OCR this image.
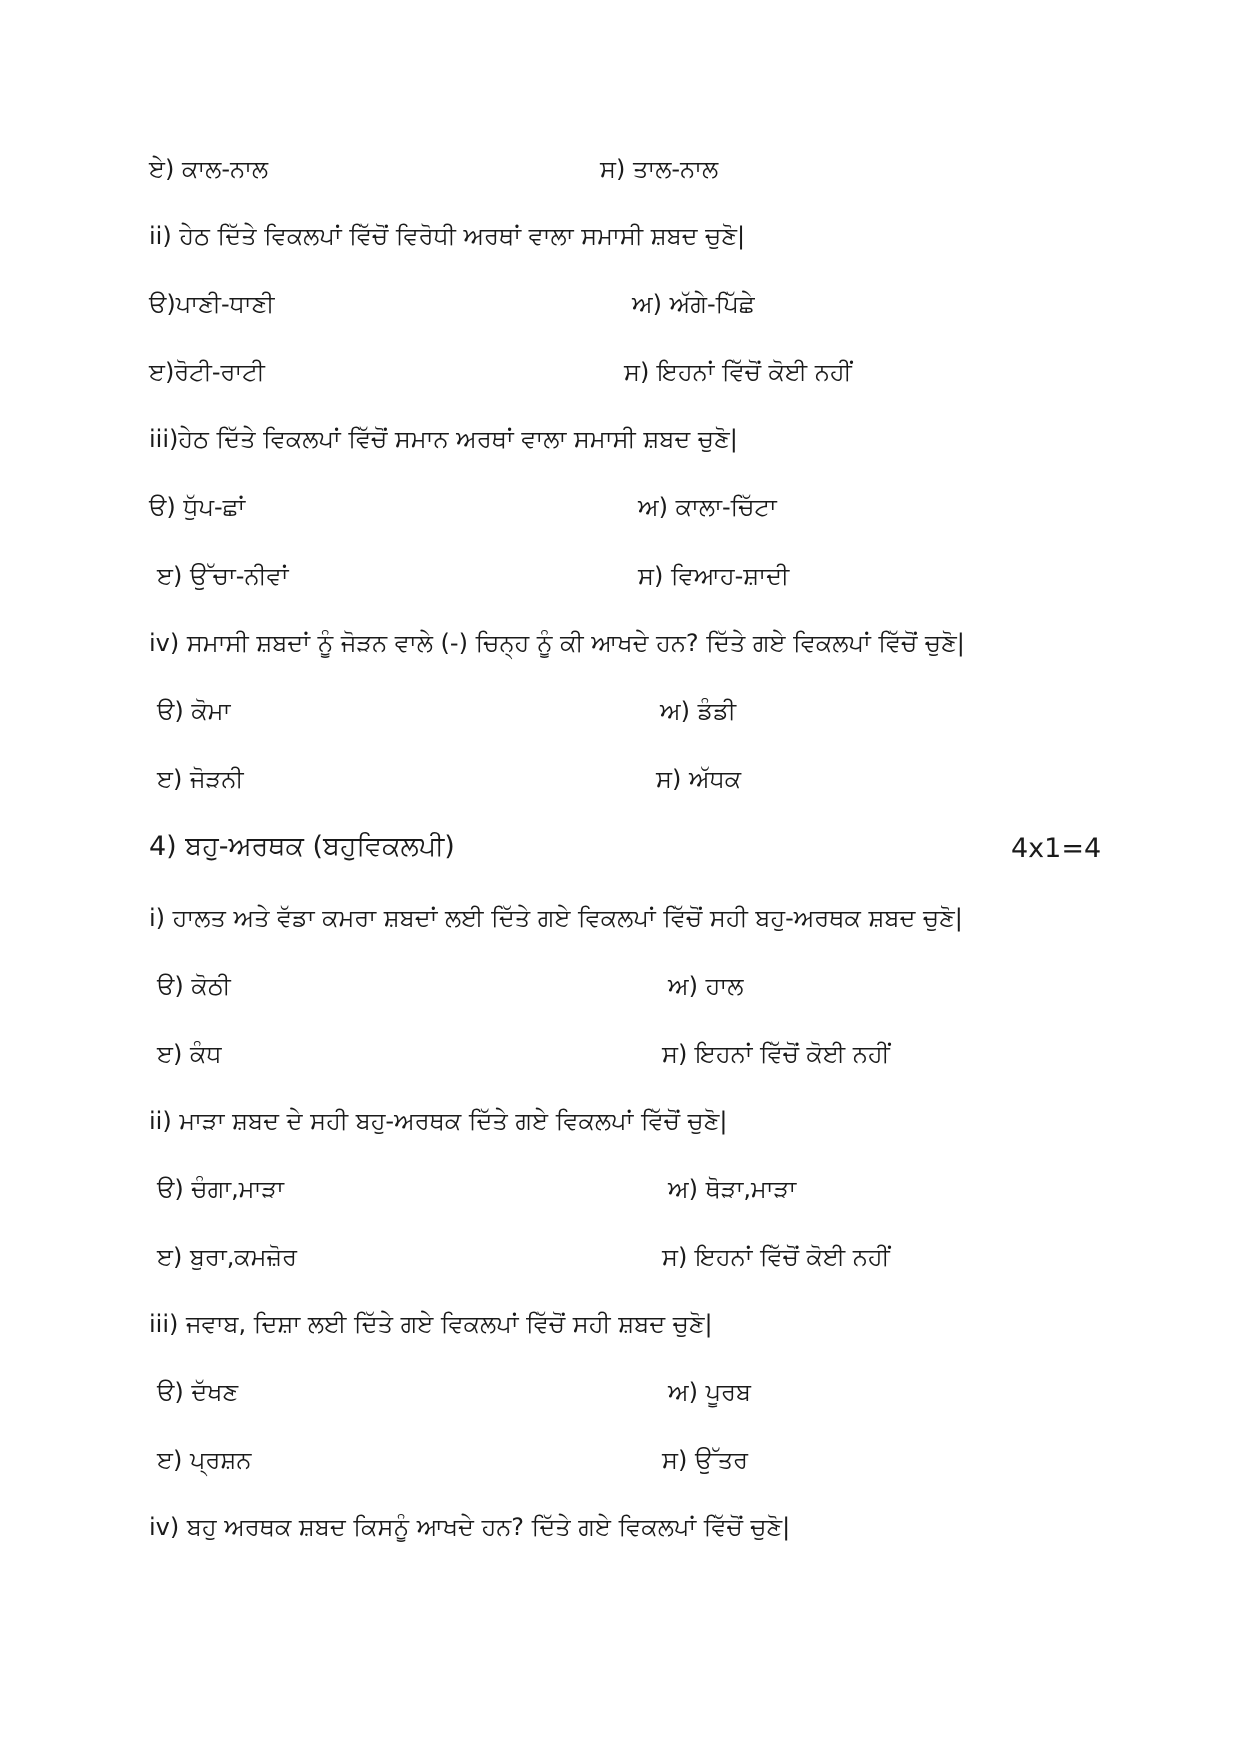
ਏ) ਕਾਲ-ਨਾਲ	ਸ) ਤਾਲ-ਨਾਲ
ii) ਹੇਠ ਦਿੱਤੇ ਵਿਕਲਪਾਂ ਵਿੱਚੋਂ ਵਿਰੋਧੀ ਅਰਥਾਂ ਵਾਲਾ ਸਮਾਸੀ ਸ਼ਬਦ ਚੁਣੋ|
ੳ)ਪਾਣੀ-ਧਾਣੀ	ਅ) ਅੱਗੇ-ਪਿੱਛੇ
ੲ)ਰੋਟੀ-ਰਾਟੀ	ਸ) ਇਹਨਾਂ ਵਿੱਚੋਂ ਕੋਈ ਨਹੀਂ
iii)ਹੇਠ ਦਿੱਤੇ ਵਿਕਲਪਾਂ ਵਿੱਚੋਂ ਸਮਾਨ ਅਰਥਾਂ ਵਾਲਾ ਸਮਾਸੀ ਸ਼ਬਦ ਚੁਣੋ|
ੳ) ਧੁੱਪ-ਛਾਂ	ਅ) ਕਾਲਾ-ਚਿੱਟਾ
ੲ) ਉੱਚਾ-ਨੀਵਾਂ	ਸ) ਵਿਆਹ-ਸ਼ਾਦੀ
iv) ਸਮਾਸੀ ਸ਼ਬਦਾਂ ਨੂੰ ਜੋੜਨ ਵਾਲੇ (-) ਚਿਨ੍ਹ ਨੂੰ ਕੀ ਆਖਦੇ ਹਨ? ਦਿੱਤੇ ਗਏ ਵਿਕਲਪਾਂ ਵਿੱਚੋਂ ਚੁਣੋ|
ੳ) ਕੋਮਾ	ਅ) ਡੰਡੀ
ੲ) ਜੋੜਨੀ	ਸ) ਅੱਧਕ
4) ਬਹੁ-ਅਰਥਕ (ਬਹੁਵਿਕਲਪੀ)	4x1=4
i) ਹਾਲਤ ਅਤੇ ਵੱਡਾ ਕਮਰਾ ਸ਼ਬਦਾਂ ਲਈ ਦਿੱਤੇ ਗਏ ਵਿਕਲਪਾਂ ਵਿੱਚੋਂ ਸਹੀ ਬਹੁ-ਅਰਥਕ ਸ਼ਬਦ ਚੁਣੋ|
ੳ) ਕੋਠੀ	ਅ) ਹਾਲ
ੲ) ਕੰਧ	ਸ) ਇਹਨਾਂ ਵਿੱਚੋਂ ਕੋਈ ਨਹੀਂ
ii) ਮਾੜਾ ਸ਼ਬਦ ਦੇ ਸਹੀ ਬਹੁ-ਅਰਥਕ ਦਿੱਤੇ ਗਏ ਵਿਕਲਪਾਂ ਵਿੱਚੋਂ ਚੁਣੋ|
ੳ) ਚੰਗਾ,ਮਾੜਾ	ਅ) ਥੋੜਾ,ਮਾੜਾ
ੲ) ਬੁਰਾ,ਕਮਜ਼ੋਰ	ਸ) ਇਹਨਾਂ ਵਿੱਚੋਂ ਕੋਈ ਨਹੀਂ
iii) ਜਵਾਬ, ਦਿਸ਼ਾ ਲਈ ਦਿੱਤੇ ਗਏ ਵਿਕਲਪਾਂ ਵਿੱਚੋਂ ਸਹੀ ਸ਼ਬਦ ਚੁਣੋ|
ੳ) ਦੱਖਣ	ਅ) ਪੂਰਬ
ੲ) ਪ੍ਰਸ਼ਨ	ਸ) ਉੱਤਰ
iv) ਬਹੁ ਅਰਥਕ ਸ਼ਬਦ ਕਿਸਨੂੰ ਆਖਦੇ ਹਨ? ਦਿੱਤੇ ਗਏ ਵਿਕਲਪਾਂ ਵਿੱਚੋਂ ਚੁਣੋ|
